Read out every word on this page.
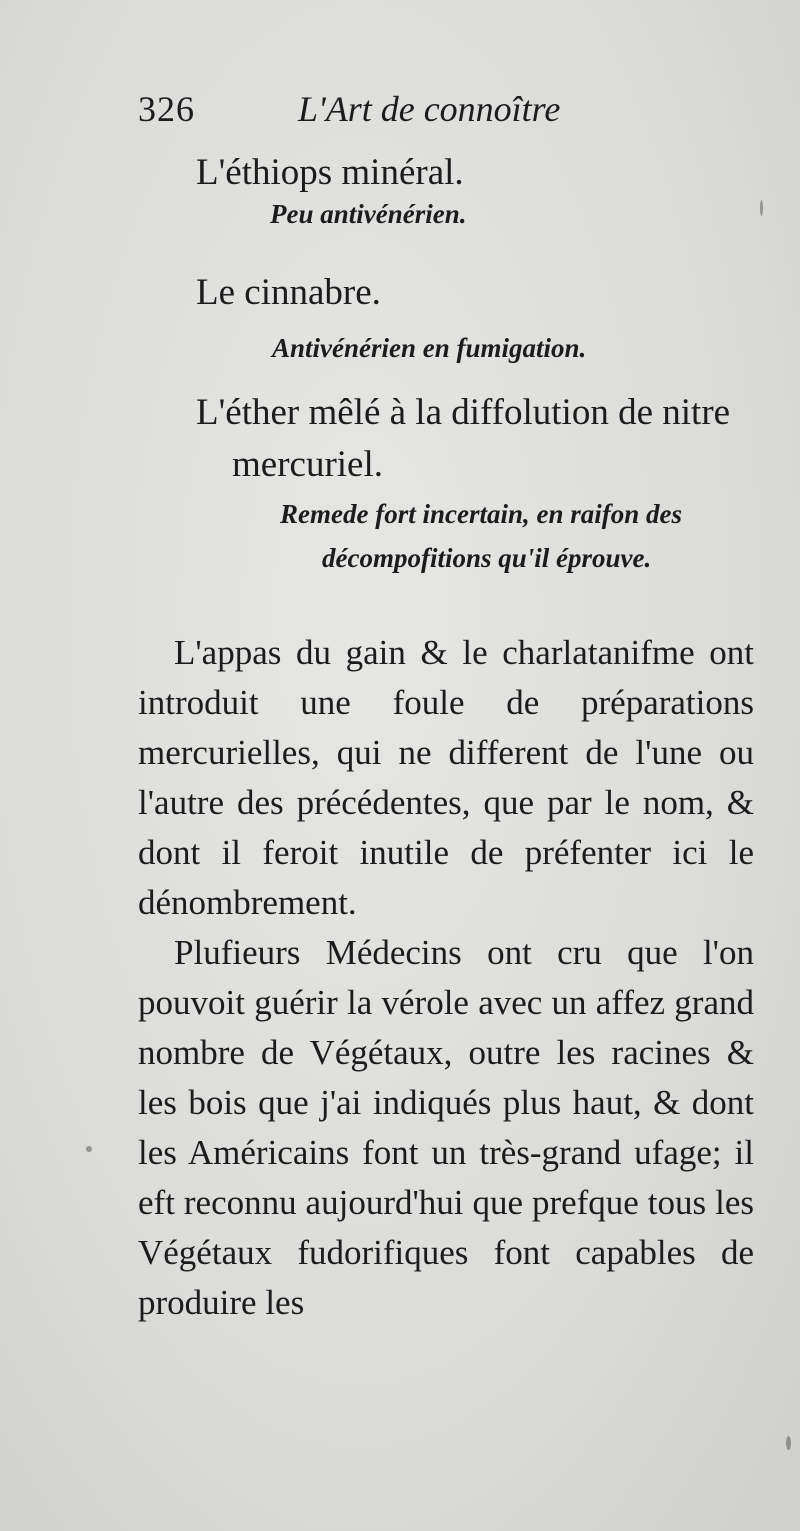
326	L'Art de connoître
L'éthiops minéral.
Peu antivénérien.
Le cinnabre.
Antivénérien en fumigation.
L'éther mêlé à la diffolution de nitre
mercuriel.
Remede fort incertain, en raifon des
décompofitions qu'il éprouve.

L'appas du gain & le charlatanifme ont introduit une foule de préparations mercurielles, qui ne different de l'une ou l'autre des précédentes, que par le nom, & dont il feroit inutile de préfenter ici le dénombrement.

Plufieurs Médecins ont cru que l'on pouvoit guérir la vérole avec un affez grand nombre de Végétaux, outre les racines & les bois que j'ai indiqués plus haut, & dont les Américains font un très-grand ufage; il eft reconnu aujourd'hui que prefque tous les Végétaux fudorifiques font capables de produire les
